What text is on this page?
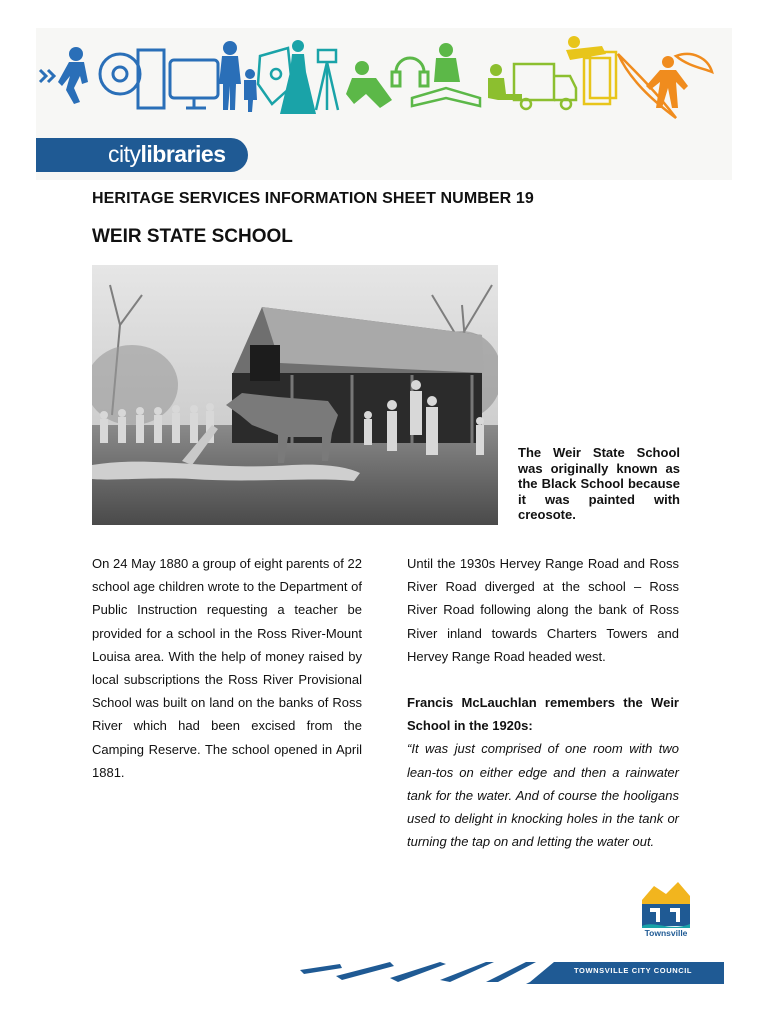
citylibraries
HERITAGE SERVICES INFORMATION SHEET NUMBER 19
WEIR STATE SCHOOL

The Weir State School was originally known as the Black School because it was painted with creosote.

On 24 May 1880 a group of eight parents of 22 school age children wrote to the Department of Public Instruction requesting a teacher be provided for a school in the Ross River-Mount Louisa area. With the help of money raised by local subscriptions the Ross River Provisional School was built on land on the banks of Ross River which had been excised from the Camping Reserve. The school opened in April 1881.

Until the 1930s Hervey Range Road and Ross River Road diverged at the school – Ross River Road following along the bank of Ross River inland towards Charters Towers and Hervey Range Road headed west.

Francis McLauchlan remembers the Weir School in the 1920s:

“It was just comprised of one room with two lean-tos on either edge and then a rainwater tank for the water. And of course the hooligans used to delight in knocking holes in the tank or turning the tap on and letting the water out.

Townsville
TOWNSVILLE CITY COUNCIL
